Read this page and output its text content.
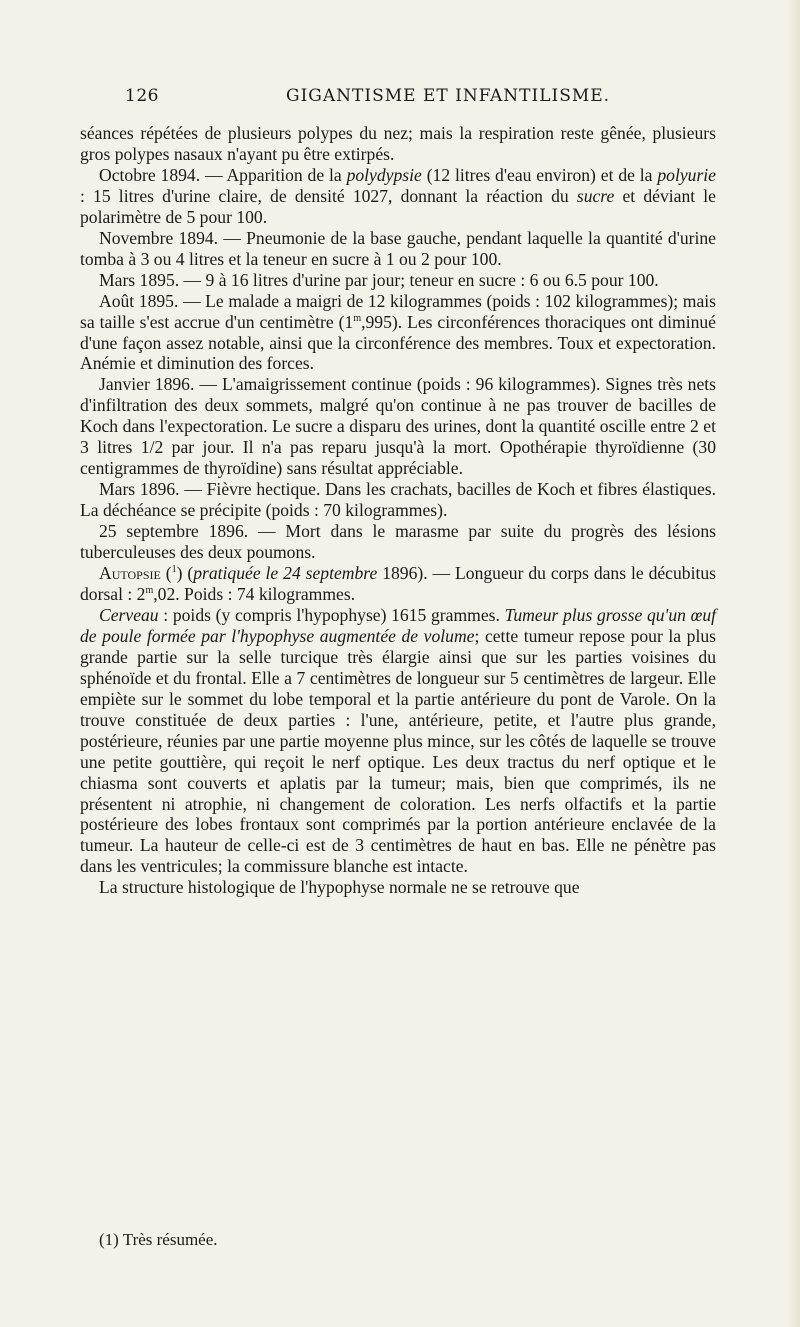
126	GIGANTISME ET INFANTILISME.

séances répétées de plusieurs polypes du nez; mais la respiration reste gênée, plusieurs gros polypes nasaux n'ayant pu être extirpés.

Octobre 1894. — Apparition de la polydypsie (12 litres d'eau environ) et de la polyurie : 15 litres d'urine claire, de densité 1027, donnant la réaction du sucre et déviant le polarimètre de 5 pour 100.

Novembre 1894. — Pneumonie de la base gauche, pendant laquelle la quantité d'urine tomba à 3 ou 4 litres et la teneur en sucre à 1 ou 2 pour 100.

Mars 1895. — 9 à 16 litres d'urine par jour; teneur en sucre : 6 ou 6.5 pour 100.

Août 1895. — Le malade a maigri de 12 kilogrammes (poids : 102 kilogrammes); mais sa taille s'est accrue d'un centimètre (1$^m$,995). Les circonférences thoraciques ont diminué d'une façon assez notable, ainsi que la circonférence des membres. Toux et expectoration. Anémie et diminution des forces.

Janvier 1896. — L'amaigrissement continue (poids : 96 kilogrammes). Signes très nets d'infiltration des deux sommets, malgré qu'on continue à ne pas trouver de bacilles de Koch dans l'expectoration. Le sucre a disparu des urines, dont la quantité oscille entre 2 et 3 litres 1/2 par jour. Il n'a pas reparu jusqu'à la mort. Opothérapie thyroïdienne (30 centigrammes de thyroïdine) sans résultat appréciable.

Mars 1896. — Fièvre hectique. Dans les crachats, bacilles de Koch et fibres élastiques. La déchéance se précipite (poids : 70 kilogrammes).

25 septembre 1896. — Mort dans le marasme par suite du progrès des lésions tuberculeuses des deux poumons.

Autopsie ($^1$) (pratiquée le 24 septembre 1896). — Longueur du corps dans le décubitus dorsal : 2$^m$,02. Poids : 74 kilogrammes.

Cerveau : poids (y compris l'hypophyse) 1615 grammes. Tumeur plus grosse qu'un œuf de poule formée par l'hypophyse augmentée de volume; cette tumeur repose pour la plus grande partie sur la selle turcique très élargie ainsi que sur les parties voisines du sphénoïde et du frontal. Elle a 7 centimètres de longueur sur 5 centimètres de largeur. Elle empiète sur le sommet du lobe temporal et la partie antérieure du pont de Varole. On la trouve constituée de deux parties : l'une, antérieure, petite, et l'autre plus grande, postérieure, réunies par une partie moyenne plus mince, sur les côtés de laquelle se trouve une petite gouttière, qui reçoit le nerf optique. Les deux tractus du nerf optique et le chiasma sont couverts et aplatis par la tumeur; mais, bien que comprimés, ils ne présentent ni atrophie, ni changement de coloration. Les nerfs olfactifs et la partie postérieure des lobes frontaux sont comprimés par la portion antérieure enclavée de la tumeur. La hauteur de celle-ci est de 3 centimètres de haut en bas. Elle ne pénètre pas dans les ventricules; la commissure blanche est intacte.

La structure histologique de l'hypophyse normale ne se retrouve que

(1) Très résumée.
